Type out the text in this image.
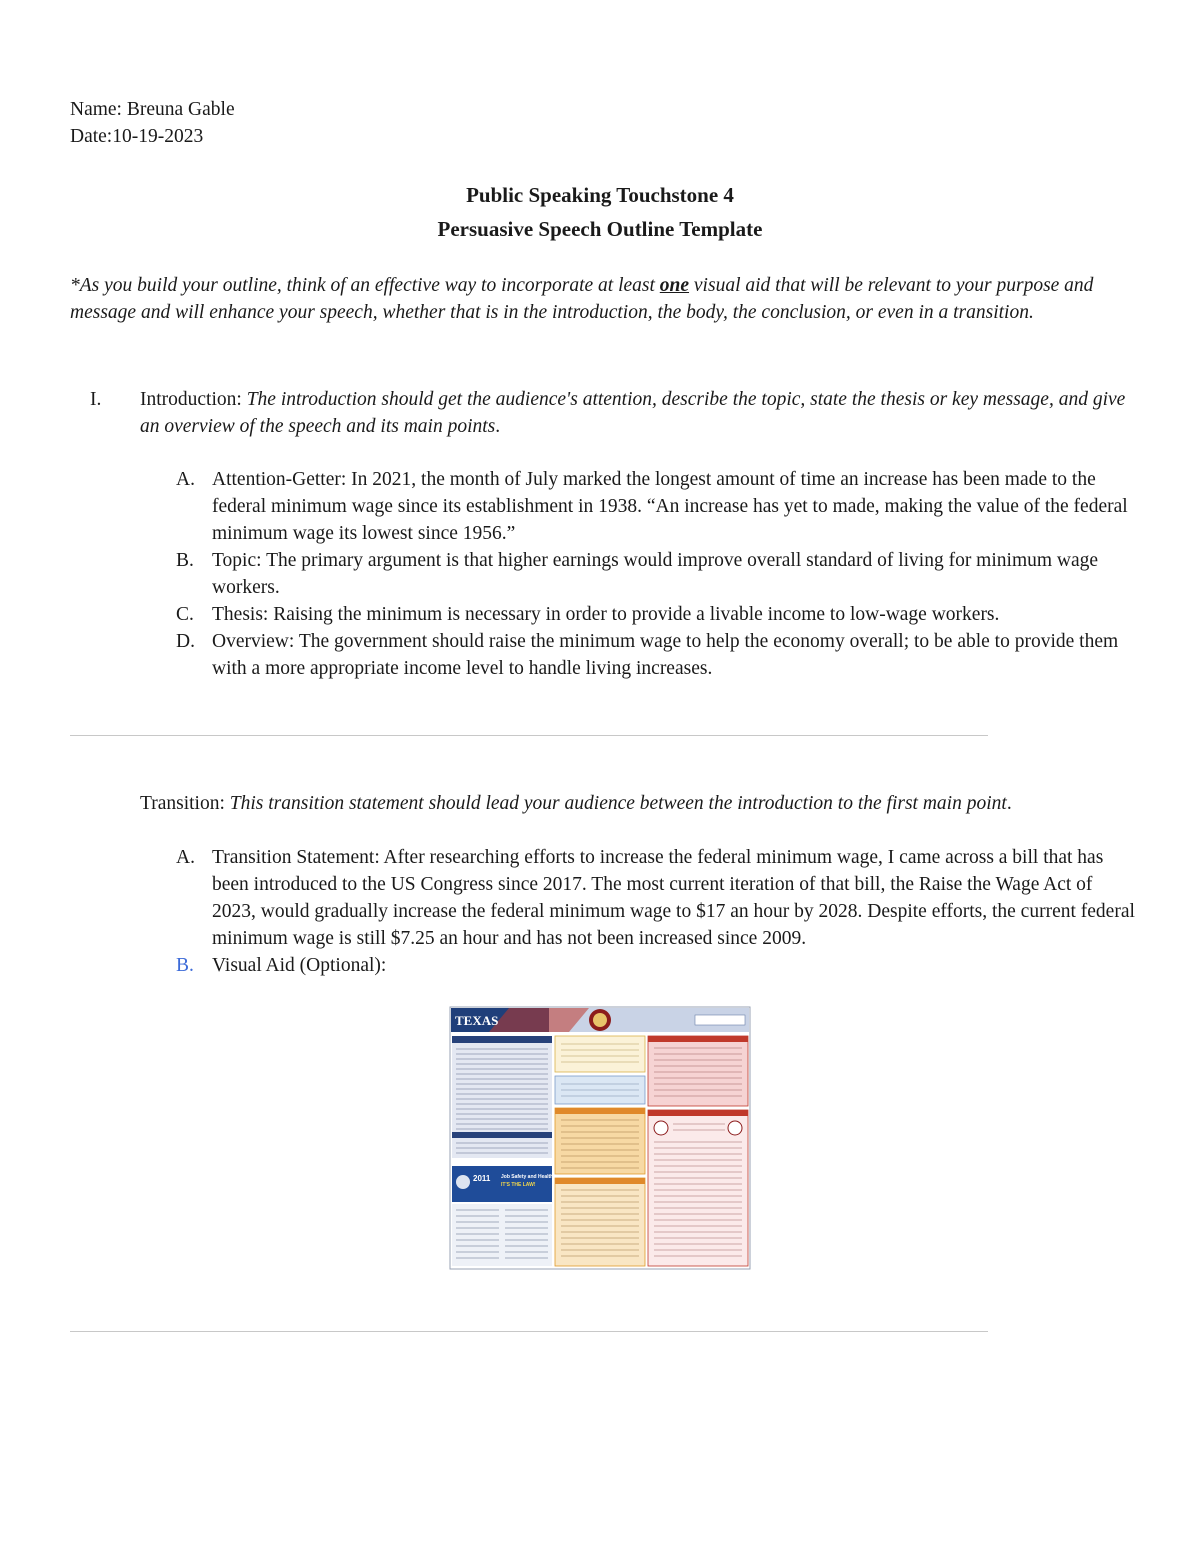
Name: Breuna Gable
Date:10-19-2023
Public Speaking Touchstone 4
Persuasive Speech Outline Template
*As you build your outline, think of an effective way to incorporate at least one visual aid that will be relevant to your purpose and message and will enhance your speech, whether that is in the introduction, the body, the conclusion, or even in a transition.
I. Introduction: The introduction should get the audience's attention, describe the topic, state the thesis or key message, and give an overview of the speech and its main points.
A. Attention-Getter: In 2021, the month of July marked the longest amount of time an increase has been made to the federal minimum wage since its establishment in 1938. “An increase has yet to made, making the value of the federal minimum wage its lowest since 1956.”
B. Topic: The primary argument is that higher earnings would improve overall standard of living for minimum wage workers.
C. Thesis: Raising the minimum is necessary in order to provide a livable income to low-wage workers.
D. Overview: The government should raise the minimum wage to help the economy overall; to be able to provide them with a more appropriate income level to handle living increases.
Transition: This transition statement should lead your audience between the introduction to the first main point.
A. Transition Statement: After researching efforts to increase the federal minimum wage, I came across a bill that has been introduced to the US Congress since 2017. The most current iteration of that bill, the Raise the Wage Act of 2023, would gradually increase the federal minimum wage to $17 an hour by 2028. Despite efforts, the current federal minimum wage is still $7.25 an hour and has not been increased since 2009.
B. Visual Aid (Optional):
TEXAS
2011 Job Safety and Health
IT'S THE LAW!
